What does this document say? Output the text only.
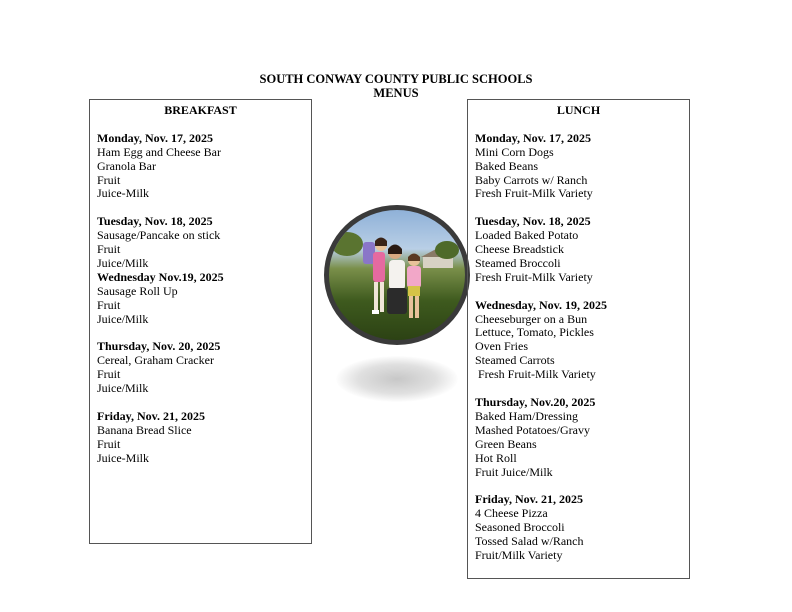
SOUTH CONWAY COUNTY PUBLIC SCHOOLS
MENUS
BREAKFAST
Monday, Nov. 17, 2025
Ham Egg and Cheese Bar
Granola Bar
Fruit
Juice-Milk
Tuesday, Nov. 18, 2025
Sausage/Pancake on stick
Fruit
Juice/Milk
Wednesday Nov.19, 2025
Sausage Roll Up
Fruit
Juice/Milk
Thursday, Nov. 20, 2025
Cereal, Graham Cracker
Fruit
Juice/Milk
Friday, Nov. 21, 2025
Banana Bread Slice
Fruit
Juice-Milk
LUNCH
Monday, Nov. 17, 2025
Mini Corn Dogs
Baked Beans
Baby Carrots w/ Ranch
Fresh Fruit-Milk Variety
Tuesday, Nov. 18, 2025
Loaded Baked Potato
Cheese Breadstick
Steamed Broccoli
Fresh Fruit-Milk Variety
Wednesday, Nov. 19, 2025
Cheeseburger on a Bun
Lettuce, Tomato, Pickles
Oven Fries
Steamed Carrots
Fresh Fruit-Milk Variety
Thursday, Nov.20, 2025
Baked Ham/Dressing
Mashed Potatoes/Gravy
Green Beans
Hot Roll
Fruit Juice/Milk
Friday, Nov. 21, 2025
4 Cheese Pizza
Seasoned Broccoli
Tossed Salad w/Ranch
Fruit/Milk Variety
